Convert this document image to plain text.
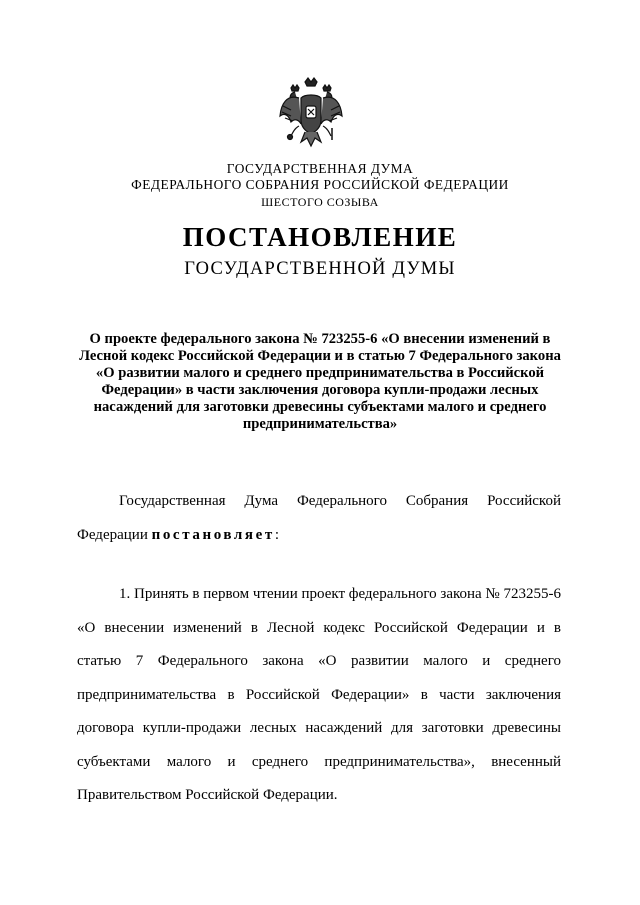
ГОСУДАРСТВЕННАЯ ДУМА
ФЕДЕРАЛЬНОГО СОБРАНИЯ РОССИЙСКОЙ ФЕДЕРАЦИИ
ШЕСТОГО СОЗЫВА
ПОСТАНОВЛЕНИЕ
ГОСУДАРСТВЕННОЙ ДУМЫ
О проекте федерального закона № 723255-6 «О внесении изменений в Лесной кодекс Российской Федерации и в статью 7 Федерального закона «О развитии малого и среднего предпринимательства в Российской Федерации» в части заключения договора купли-продажи лесных насаждений для заготовки древесины субъектами малого и среднего предпринимательства»
Государственная Дума Федерального Собрания Российской Федерации постановляет:
1. Принять в первом чтении проект федерального закона № 723255-6 «О внесении изменений в Лесной кодекс Российской Федерации и в статью 7 Федерального закона «О развитии малого и среднего предпринимательства в Российской Федерации» в части заключения договора купли-продажи лесных насаждений для заготовки древесины субъектами малого и среднего предпринимательства», внесенный Правительством Российской Федерации.
